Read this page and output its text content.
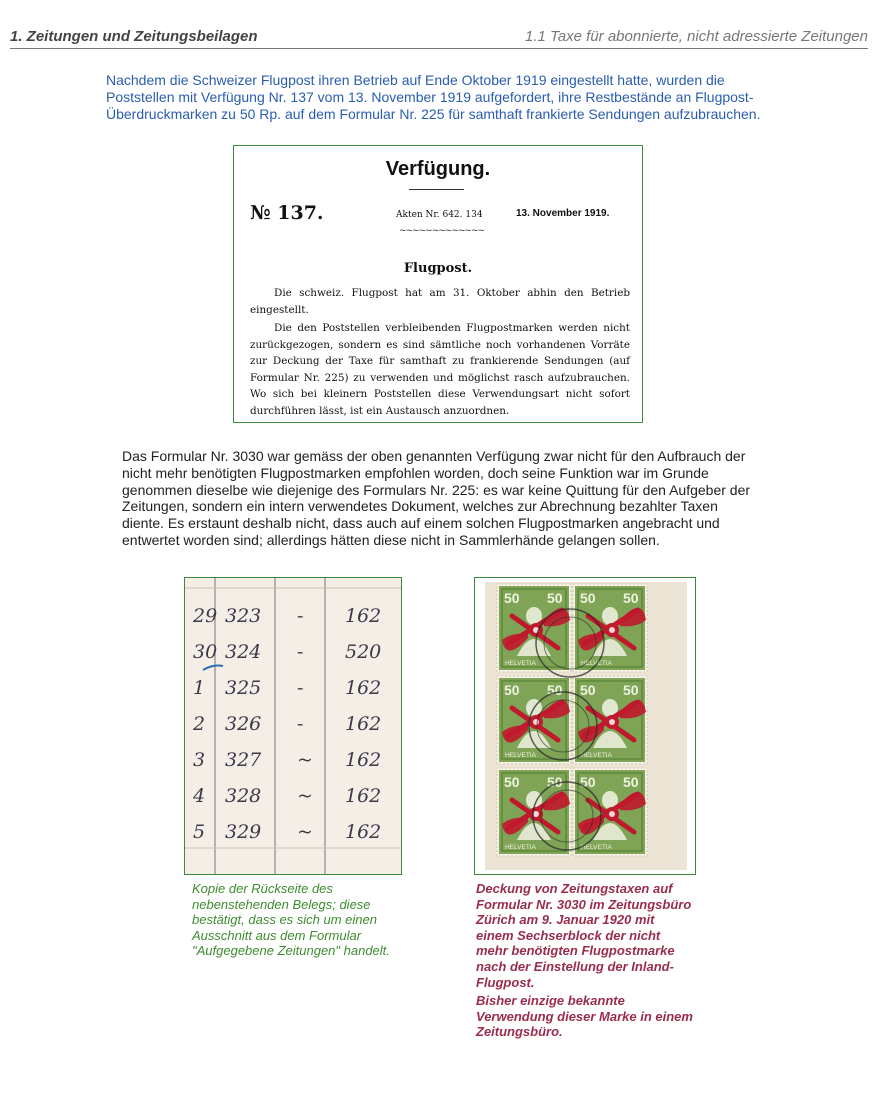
1. Zeitungen und Zeitungsbeilagen	1.1 Taxe für abonnierte, nicht adressierte Zeitungen
Nachdem die Schweizer Flugpost ihren Betrieb auf Ende Oktober 1919 eingestellt hatte, wurden die Poststellen mit Verfügung Nr. 137 vom 13. November 1919 aufgefordert, ihre Restbestände an Flugpost-Überdruckmarken zu 50 Rp. auf dem Formular Nr. 225 für samthaft frankierte Sendungen aufzubrauchen.
Verfügung.
№ 137.	Akten Nr. 642. 134	13. November 1919.
~~~~~~~~~~~~~
Flugpost.
Die schweiz. Flugpost hat am 31. Oktober abhin den Betrieb eingestellt.
Die den Poststellen verbleibenden Flugpostmarken werden nicht zurückgezogen, sondern es sind sämtliche noch vorhandenen Vorräte zur Deckung der Taxe für samthaft zu frankierende Sendungen (auf Formular Nr. 225) zu verwenden und möglichst rasch aufzubrauchen. Wo sich bei kleinern Poststellen diese Verwendungsart nicht sofort durchführen lässt, ist ein Austausch anzuordnen.
Das Formular Nr. 3030 war gemäss der oben genannten Verfügung zwar nicht für den Aufbrauch der nicht mehr benötigten Flugpostmarken empfohlen worden, doch seine Funktion war im Grunde genommen dieselbe wie diejenige des Formulars Nr. 225: es war keine Quittung für den Aufgeber der Zeitungen, sondern ein intern verwendetes Dokument, welches zur Abrechnung bezahlter Taxen diente. Es erstaunt deshalb nicht, dass auch auf einem solchen Flugpostmarken angebracht und entwertet worden sind; allerdings hätten diese nicht in Sammlerhände gelangen sollen.
29 323 - 162
30 324 - 520
1 325 - 162
2 326 - 162
3 327 ~ 162
4 328 ~ 162
5 329 ~ 162
50 50
HELVETIA
50 50
HELVETIA
50 50
HELVETIA
50 50
HELVETIA
50 50
HELVETIA
50 50
HELVETIA
Kopie der Rückseite des nebenstehenden Belegs; diese bestätigt, dass es sich um einen Ausschnitt aus dem Formular "Aufgegebene Zeitungen" handelt.

Deckung von Zeitungstaxen auf Formular Nr. 3030 im Zeitungsbüro Zürich am 9. Januar 1920 mit einem Sechserblock der nicht mehr benötigten Flugpostmarke nach der Einstellung der Inland-Flugpost.

Bisher einzige bekannte Verwendung dieser Marke in einem Zeitungsbüro.
